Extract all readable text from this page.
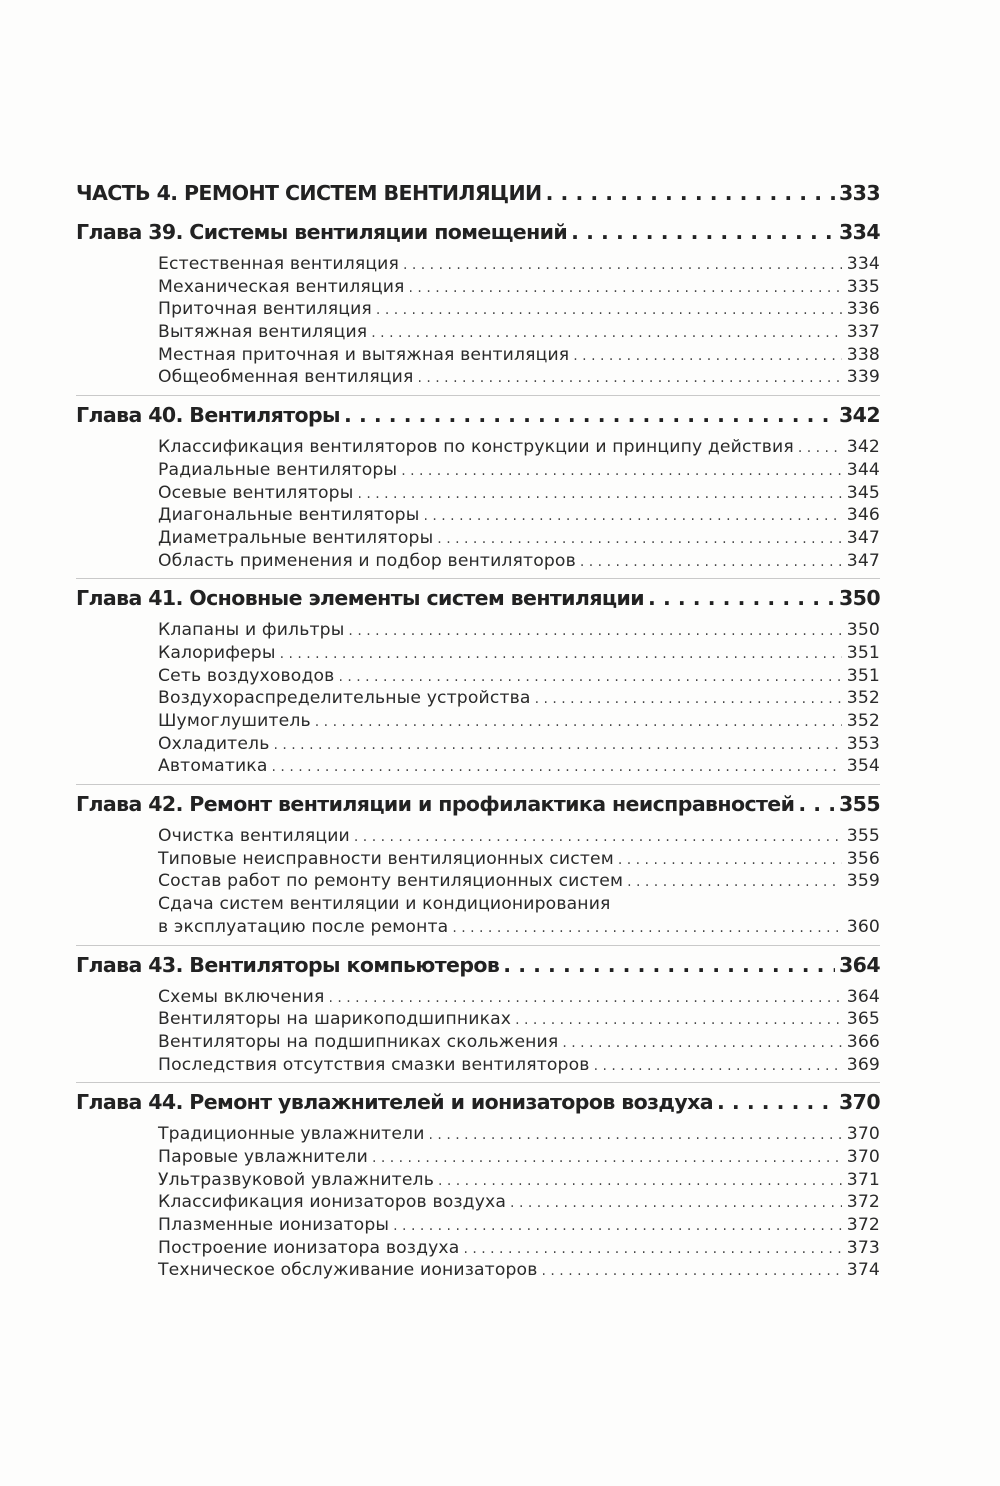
ЧАСТЬ 4. РЕМОНТ СИСТЕМ ВЕНТИЛЯЦИИ . . .	333
Глава 39. Системы вентиляции помещений . . .	334
Естественная вентиляция . . .	334
Механическая вентиляция . . .	335
Приточная вентиляция . . .	336
Вытяжная вентиляция . . .	337
Местная приточная и вытяжная вентиляция . . .	338
Общеобменная вентиляция . . .	339
Глава 40. Вентиляторы . . .	342
Классификация вентиляторов по конструкции и принципу действия . . .	342
Радиальные вентиляторы . . .	344
Осевые вентиляторы . . .	345
Диагональные вентиляторы . . .	346
Диаметральные вентиляторы . . .	347
Область применения и подбор вентиляторов . . .	347
Глава 41. Основные элементы систем вентиляции . . .	350
Клапаны и фильтры . . .	350
Калориферы . . .	351
Сеть воздуховодов . . .	351
Воздухораспределительные устройства . . .	352
Шумоглушитель . . .	352
Охладитель . . .	353
Автоматика . . .	354
Глава 42. Ремонт вентиляции и профилактика неисправностей . . . 355
Очистка вентиляции . . .	355
Типовые неисправности вентиляционных систем . . .	356
Состав работ по ремонту вентиляционных систем . . .	359
Сдача систем вентиляции и кондиционирования
в эксплуатацию после ремонта . . .	360
Глава 43. Вентиляторы компьютеров . . .	364
Схемы включения . . .	364
Вентиляторы на шарикоподшипниках . . .	365
Вентиляторы на подшипниках скольжения . . .	366
Последствия отсутствия смазки вентиляторов . . .	369
Глава 44. Ремонт увлажнителей и ионизаторов воздуха . . .	370
Традиционные увлажнители . . .	370
Паровые увлажнители . . .	370
Ультразвуковой увлажнитель . . .	371
Классификация ионизаторов воздуха . . .	372
Плазменные ионизаторы . . .	372
Построение ионизатора воздуха . . .	373
Техническое обслуживание ионизаторов . . .	374
